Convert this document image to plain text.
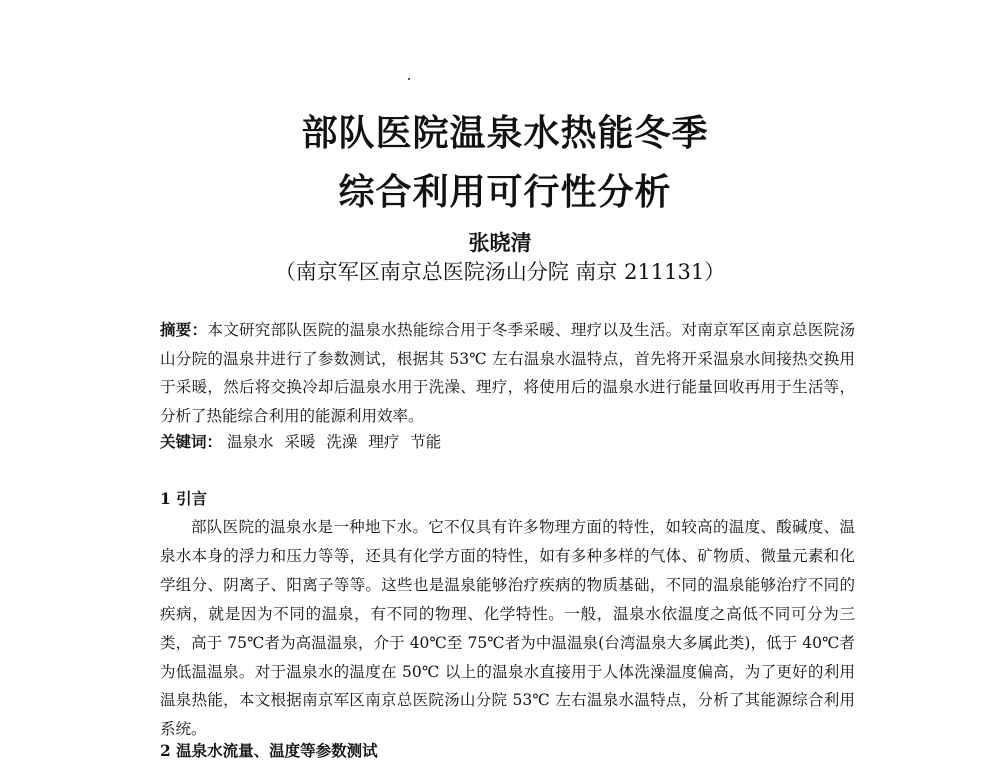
部队医院温泉水热能冬季
综合利用可行性分析
张晓清
（南京军区南京总医院汤山分院 南京 211131）
摘要：本文研究部队医院的温泉水热能综合用于冬季采暖、理疗以及生活。对南京军区南京总医院汤山分院的温泉井进行了参数测试，根据其 53℃ 左右温泉水温特点，首先将开采温泉水间接热交换用于采暖，然后将交换冷却后温泉水用于洗澡、理疗，将使用后的温泉水进行能量回收再用于生活等，分析了热能综合利用的能源利用效率。
关键词： 温泉水 采暖 洗澡 理疗 节能
1 引言
部队医院的温泉水是一种地下水。它不仅具有许多物理方面的特性，如较高的温度、酸碱度、温泉水本身的浮力和压力等等，还具有化学方面的特性，如有多种多样的气体、矿物质、微量元素和化学组分、阴离子、阳离子等等。这些也是温泉能够治疗疾病的物质基础，不同的温泉能够治疗不同的疾病，就是因为不同的温泉，有不同的物理、化学特性。一般，温泉水依温度之高低不同可分为三类，高于 75℃者为高温温泉，介于 40℃至 75℃者为中温温泉(台湾温泉大多属此类)，低于 40℃者为低温温泉。对于温泉水的温度在 50℃ 以上的温泉水直接用于人体洗澡温度偏高，为了更好的利用温泉热能，本文根据南京军区南京总医院汤山分院 53℃ 左右温泉水温特点，分析了其能源综合利用系统。
2 温泉水流量、温度等参数测试
